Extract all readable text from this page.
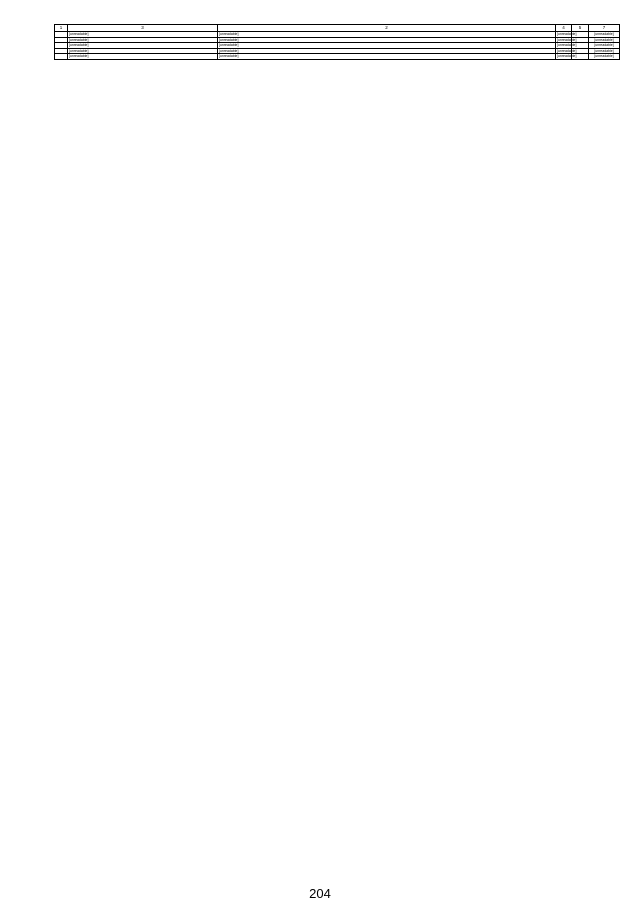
1	3	2	4	5	7
	[unreadable]	[unreadable]	[unreadable]		[unreadable]
	[unreadable]	[unreadable]	[unreadable]		[unreadable]
	[unreadable]	[unreadable]	[unreadable]		[unreadable]
	[unreadable]	[unreadable]	[unreadable]		[unreadable]
	[unreadable]	[unreadable]	[unreadable]		[unreadable]
204
